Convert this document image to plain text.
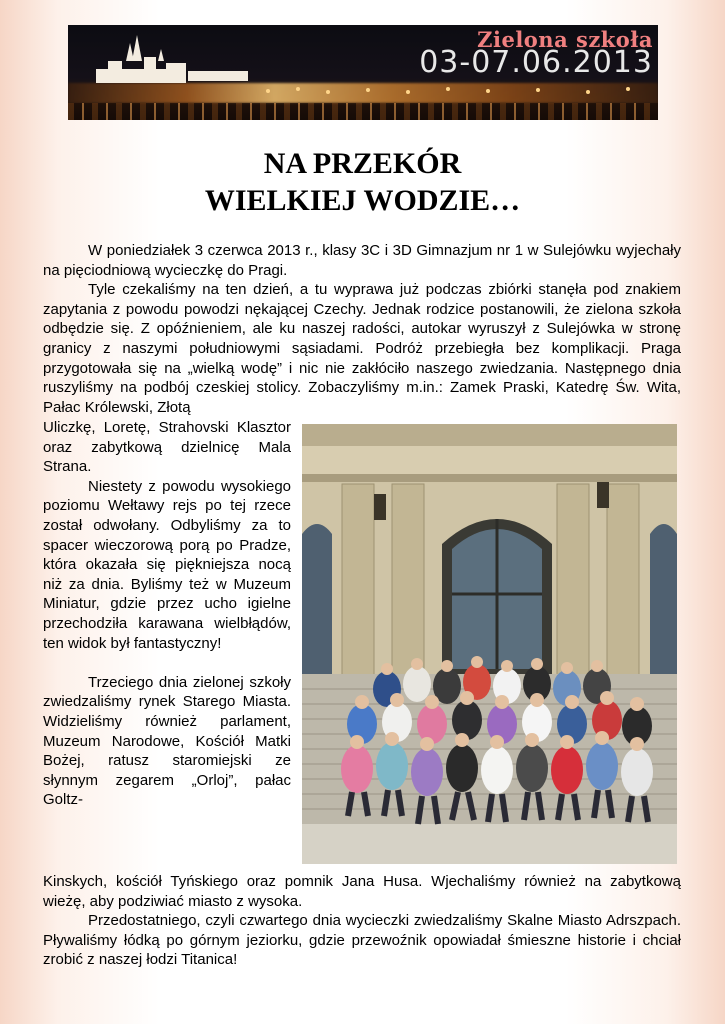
Zielona szkoła
03-07.06.2013
NA PRZEKÓR
WIELKIEJ WODZIE…

W poniedziałek 3 czerwca 2013 r., klasy 3C i 3D Gimnazjum nr 1 w Sulejówku wyjechały na pięciodniową wycieczkę do Pragi.

Tyle czekaliśmy na ten dzień, a tu wyprawa już podczas zbiórki stanęła pod znakiem zapytania z powodu powodzi nękającej Czechy. Jednak rodzice postanowili, że zielona szkoła odbędzie się. Z opóźnieniem, ale ku naszej radości, autokar wyruszył z Sulejówka w stronę granicy z naszymi południowymi sąsiadami. Podróż przebiegła bez komplikacji. Praga przygotowała się na „wielką wodę” i nic nie zakłóciło naszego zwiedzania. Następnego dnia ruszyliśmy na podbój czeskiej stolicy. Zobaczyliśmy m.in.: Zamek Praski, Katedrę Św. Wita, Pałac Królewski, Złotą

Uliczkę, Loretę, Strahovski Klasztor oraz zabytkową dzielnicę Mala Strana.

Niestety z powodu wysokiego poziomu Wełtawy rejs po tej rzece został odwołany. Odbyliśmy za to spacer wieczorową porą po Pradze, która okazała się piękniejsza nocą niż za dnia. Byliśmy też w Muzeum Miniatur, gdzie przez ucho igielne przechodziła karawana wielbłądów, ten widok był fantastyczny!

Trzeciego dnia zielonej szkoły zwiedzaliśmy rynek Starego Miasta. Widzieliśmy również parlament, Muzeum Narodowe, Kościół Matki Bożej, ratusz staromiejski ze słynnym zegarem „Orloj”, pałac Goltz-

Kinskych, kościół Tyńskiego oraz pomnik Jana Husa. Wjechaliśmy również na zabytkową wieżę, aby podziwiać miasto z wysoka.

Przedostatniego, czyli czwartego dnia wycieczki zwiedzaliśmy Skalne Miasto Adrszpach. Pływaliśmy łódką po górnym jeziorku, gdzie przewoźnik opowiadał śmieszne historie i chciał zrobić z naszej łodzi Titanica!
